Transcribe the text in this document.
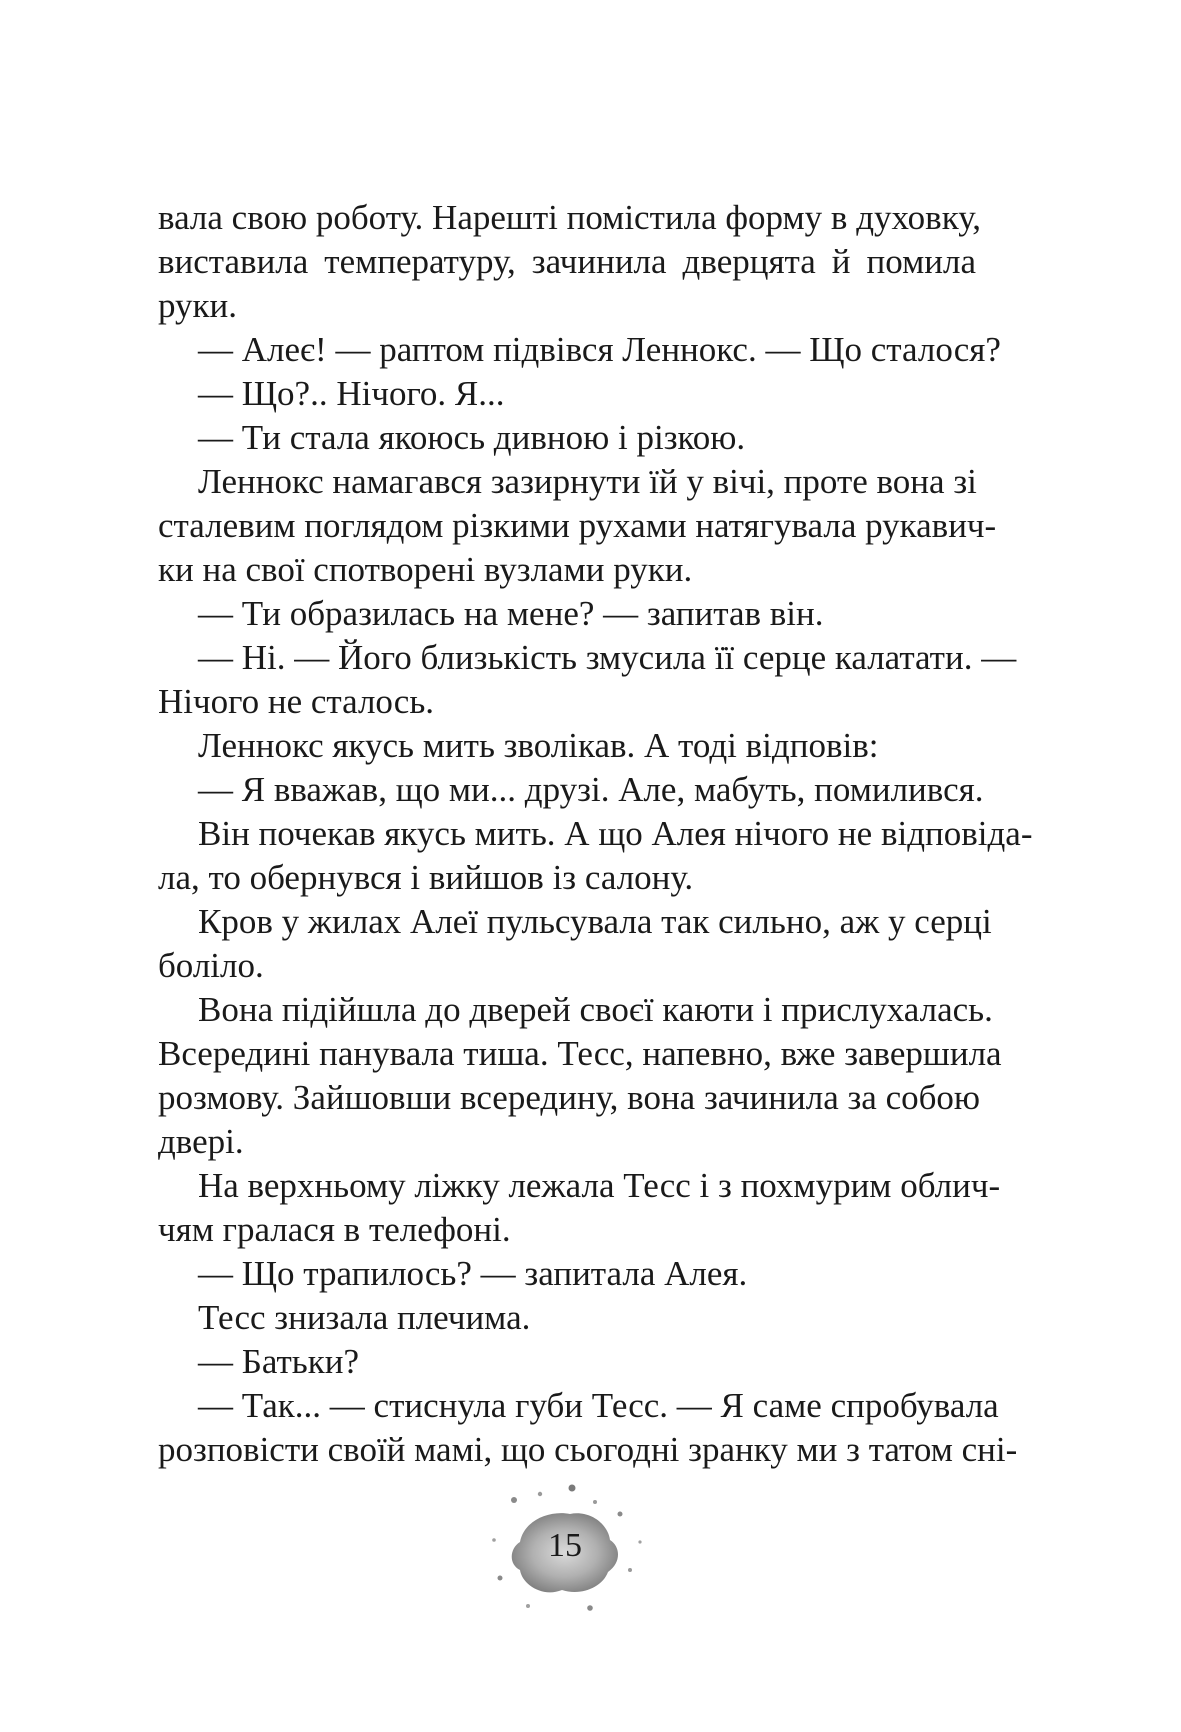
вала свою роботу. Нарешті помістила форму в духовку,
виставила температуру, зачинила дверцята й помила
руки.
— Алеє! — раптом підвівся Леннокс. — Що сталося?
— Що?.. Нічого. Я...
— Ти стала якоюсь дивною і різкою.
Леннокс намагався зазирнути їй у вічі, проте вона зі
сталевим поглядом різкими рухами натягувала рукавич-
ки на свої спотворені вузлами руки.
— Ти образилась на мене? — запитав він.
— Ні. — Його близькість змусила її серце калатати. —
Нічого не сталось.
Леннокс якусь мить зволікав. А тоді відповів:
— Я вважав, що ми... друзі. Але, мабуть, помилився.
Він почекав якусь мить. А що Алея нічого не відповіда-
ла, то обернувся і вийшов із салону.
Кров у жилах Алеї пульсувала так сильно, аж у серці
боліло.
Вона підійшла до дверей своєї каюти і прислухалась.
Всередині панувала тиша. Тесс, напевно, вже завершила
розмову. Зайшовши всередину, вона зачинила за собою
двері.
На верхньому ліжку лежала Тесс і з похмурим облич-
чям гралася в телефоні.
— Що трапилось? — запитала Алея.
Тесс знизала плечима.
— Батьки?
— Так... — стиснула губи Тесс. — Я саме спробувала
розповісти своїй мамі, що сьогодні зранку ми з татом сні-
15
